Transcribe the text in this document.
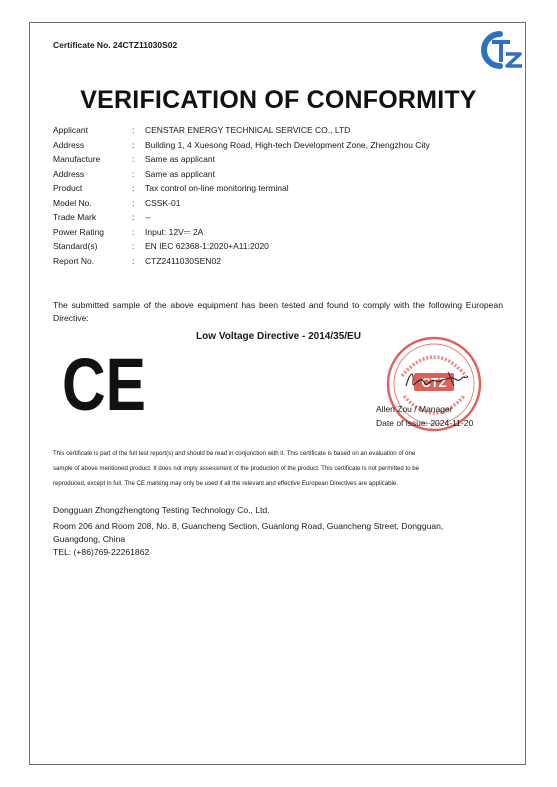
Certificate No. 24CTZ11030S02
VERIFICATION OF CONFORMITY
Applicant	: CENSTAR ENERGY TECHNICAL SERVICE CO., LTD
Address	: Building 1, 4 Xuesong Road, High-tech Development Zone, Zhengzhou City
Manufacture	: Same as applicant
Address	: Same as applicant
Product	: Tax control on-line monitoring terminal
Model No.	: CSSK-01
Trade Mark	: --
Power Rating	: Input: 12V⎓ 2A
Standard(s)	: EN IEC 62368-1:2020+A11:2020
Report No.	: CTZ2411030SEN02
The submitted sample of the above equipment has been tested and found to comply with the following European Directive:
Low Voltage Directive - 2014/35/EU
CE	CTZ
Allen Zou / Manager
Date of issue: 2024-11-20
This certificate is part of the full test report(s) and should be read in conjunction with it. This certificate is based on an evaluation of one
sample of above mentioned product. It does not imply assessment of the production of the product. This certificate is not permitted to be
reproduced, except in full. The CE marking may only be used if all the relevant and effective European Directives are applicable.
Dongguan Zhongzhengtong Testing Technology Co., Ltd.
Room 206 and Room 208, No. 8, Guancheng Section, Guanlong Road, Guancheng Street, Dongguan,
Guangdong, China
TEL: (+86)769-22261862
